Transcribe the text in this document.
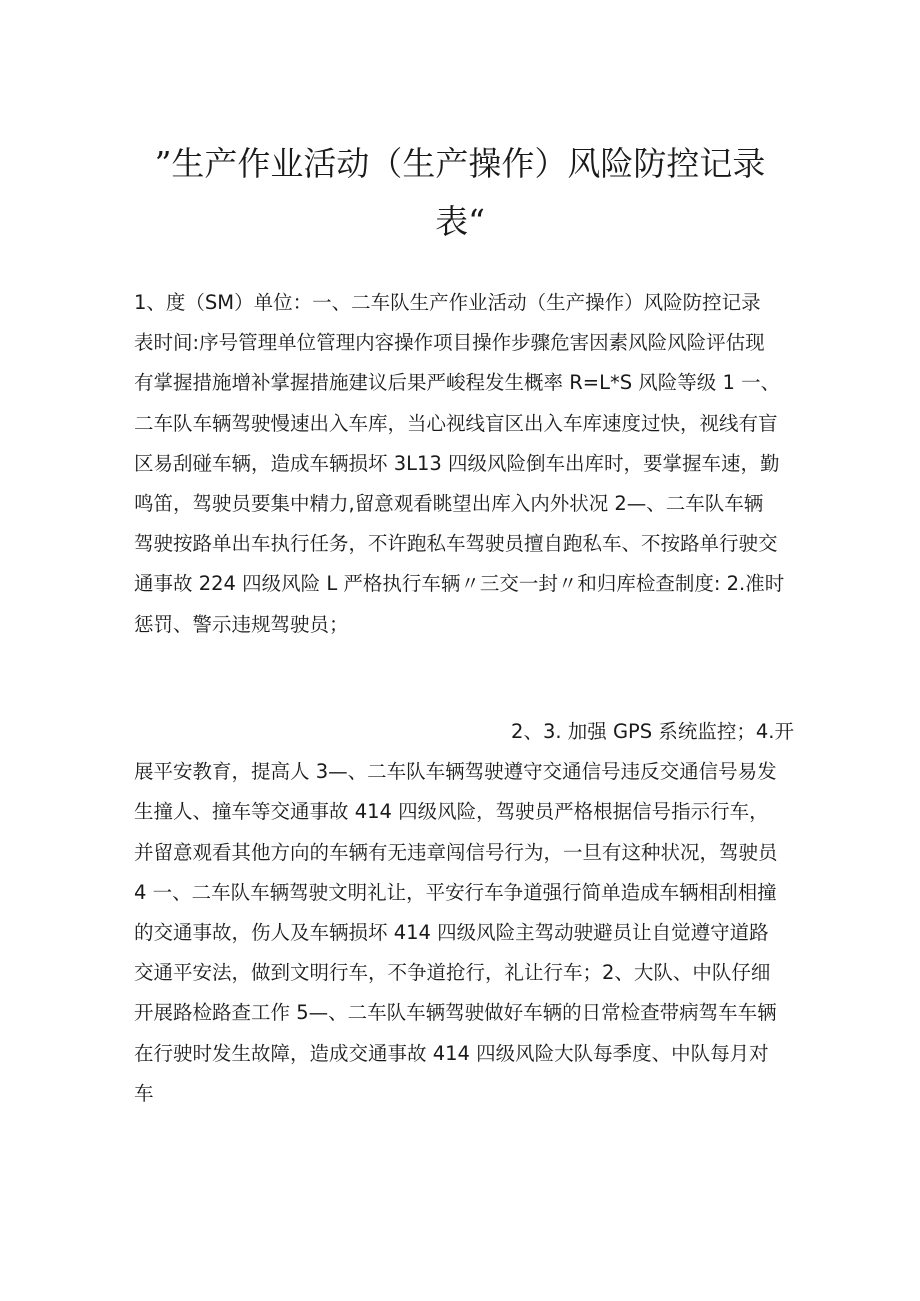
”生产作业活动（生产操作）风险防控记录
表“
1、度（SM）单位：一、二车队生产作业活动（生产操作）风险防控记录
表时间:序号管理单位管理内容操作项目操作步骤危害因素风险风险评估现
有掌握措施增补掌握措施建议后果严峻程发生概率 R=L*S 风险等级 1 一、
二车队车辆驾驶慢速出入车库，当心视线盲区出入车库速度过快，视线有盲
区易刮碰车辆，造成车辆损坏 3L13 四级风险倒车出库时，要掌握车速，勤
鸣笛，驾驶员要集中精力,留意观看眺望出库入内外状况 2—、二车队车辆
驾驶按路单出车执行任务，不许跑私车驾驶员擅自跑私车、不按路单行驶交
通事故 224 四级风险 L 严格执行车辆〃三交一封〃和归库检查制度: 2.准时
惩罚、警示违规驾驶员；
2、3. 加强 GPS 系统监控；4.开
展平安教育，提高人 3—、二车队车辆驾驶遵守交通信号违反交通信号易发
生撞人、撞车等交通事故 414 四级风险，驾驶员严格根据信号指示行车，
并留意观看其他方向的车辆有无违章闯信号行为，一旦有这种状况，驾驶员
4 一、二车队车辆驾驶文明礼让，平安行车争道强行简单造成车辆相刮相撞
的交通事故，伤人及车辆损坏 414 四级风险主驾动驶避员让自觉遵守道路
交通平安法，做到文明行车，不争道抢行，礼让行车；2、大队、中队仔细
开展路检路查工作 5—、二车队车辆驾驶做好车辆的日常检查带病驾车车辆
在行驶时发生故障，造成交通事故 414 四级风险大队每季度、中队每月对
车
